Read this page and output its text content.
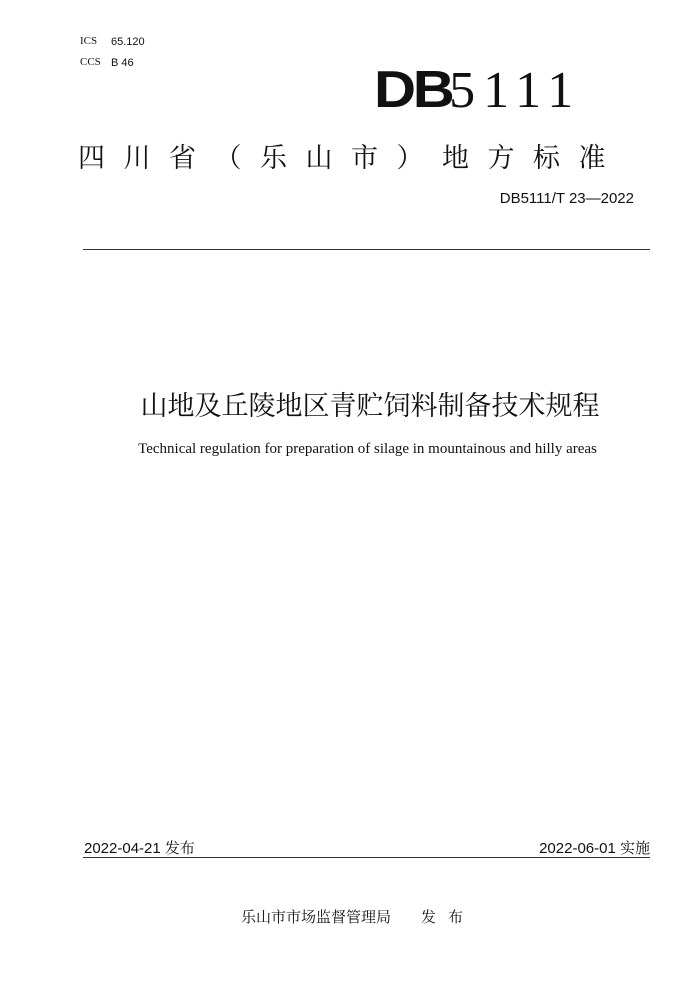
ICS 65.120
CCS B 46	DB
5111
四川省（乐山市）地方标准
DB5111/T 23—2022
山地及丘陵地区青贮饲料制备技术规程
Technical regulation for preparation of silage in mountainous and hilly areas
2022-04-21 发布	2022-06-01 实施
乐山市市场监督管理局 发布
